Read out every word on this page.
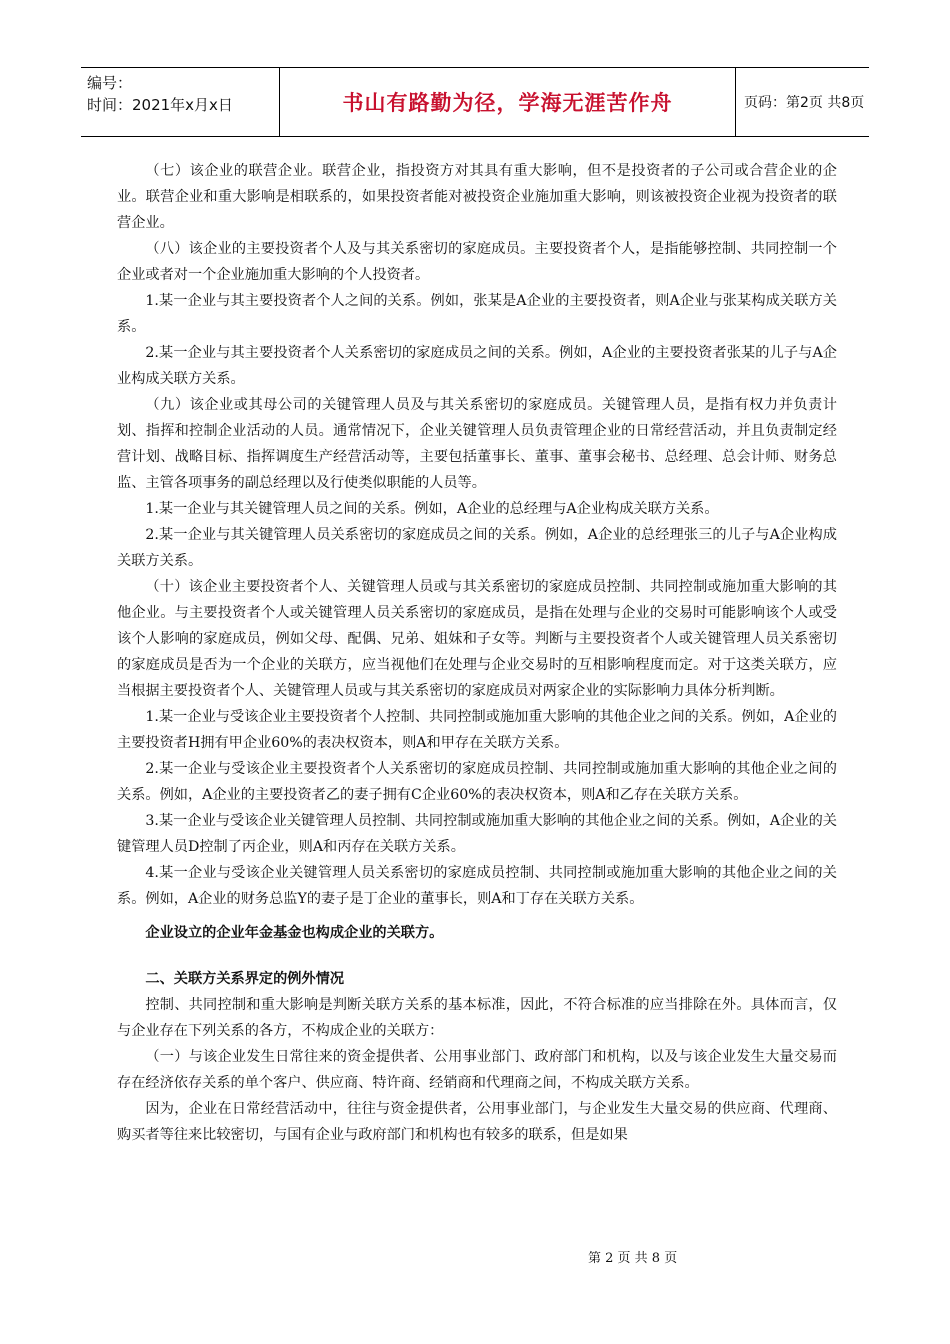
编号：
时间：2021年x月x日	书山有路勤为径，学海无涯苦作舟	页码：第2页 共8页

（七）该企业的联营企业。联营企业，指投资方对其具有重大影响，但不是投资者的子公司或合营企业的企业。联营企业和重大影响是相联系的，如果投资者能对被投资企业施加重大影响，则该被投资企业视为投资者的联营企业。

（八）该企业的主要投资者个人及与其关系密切的家庭成员。主要投资者个人，是指能够控制、共同控制一个企业或者对一个企业施加重大影响的个人投资者。

1.某一企业与其主要投资者个人之间的关系。例如，张某是A企业的主要投资者，则A企业与张某构成关联方关系。

2.某一企业与其主要投资者个人关系密切的家庭成员之间的关系。例如，A企业的主要投资者张某的儿子与A企业构成关联方关系。

（九）该企业或其母公司的关键管理人员及与其关系密切的家庭成员。关键管理人员，是指有权力并负责计划、指挥和控制企业活动的人员。通常情况下，企业关键管理人员负责管理企业的日常经营活动，并且负责制定经营计划、战略目标、指挥调度生产经营活动等，主要包括董事长、董事、董事会秘书、总经理、总会计师、财务总监、主管各项事务的副总经理以及行使类似职能的人员等。

1.某一企业与其关键管理人员之间的关系。例如，A企业的总经理与A企业构成关联方关系。

2.某一企业与其关键管理人员关系密切的家庭成员之间的关系。例如，A企业的总经理张三的儿子与A企业构成关联方关系。

（十）该企业主要投资者个人、关键管理人员或与其关系密切的家庭成员控制、共同控制或施加重大影响的其他企业。与主要投资者个人或关键管理人员关系密切的家庭成员，是指在处理与企业的交易时可能影响该个人或受该个人影响的家庭成员，例如父母、配偶、兄弟、姐妹和子女等。判断与主要投资者个人或关键管理人员关系密切的家庭成员是否为一个企业的关联方，应当视他们在处理与企业交易时的互相影响程度而定。对于这类关联方，应当根据主要投资者个人、关键管理人员或与其关系密切的家庭成员对两家企业的实际影响力具体分析判断。

1.某一企业与受该企业主要投资者个人控制、共同控制或施加重大影响的其他企业之间的关系。例如，A企业的主要投资者H拥有甲企业60%的表决权资本，则A和甲存在关联方关系。

2.某一企业与受该企业主要投资者个人关系密切的家庭成员控制、共同控制或施加重大影响的其他企业之间的关系。例如，A企业的主要投资者乙的妻子拥有C企业60%的表决权资本，则A和乙存在关联方关系。

3.某一企业与受该企业关键管理人员控制、共同控制或施加重大影响的其他企业之间的关系。例如，A企业的关键管理人员D控制了丙企业，则A和丙存在关联方关系。

4.某一企业与受该企业关键管理人员关系密切的家庭成员控制、共同控制或施加重大影响的其他企业之间的关系。例如，A企业的财务总监Y的妻子是丁企业的董事长，则A和丁存在关联方关系。

企业设立的企业年金基金也构成企业的关联方。

二、关联方关系界定的例外情况

控制、共同控制和重大影响是判断关联方关系的基本标准，因此，不符合标准的应当排除在外。具体而言，仅与企业存在下列关系的各方，不构成企业的关联方：

（一）与该企业发生日常往来的资金提供者、公用事业部门、政府部门和机构，以及与该企业发生大量交易而存在经济依存关系的单个客户、供应商、特许商、经销商和代理商之间，不构成关联方关系。

因为，企业在日常经营活动中，往往与资金提供者，公用事业部门，与企业发生大量交易的供应商、代理商、购买者等往来比较密切，与国有企业与政府部门和机构也有较多的联系，但是如果

第 2 页 共 8 页
